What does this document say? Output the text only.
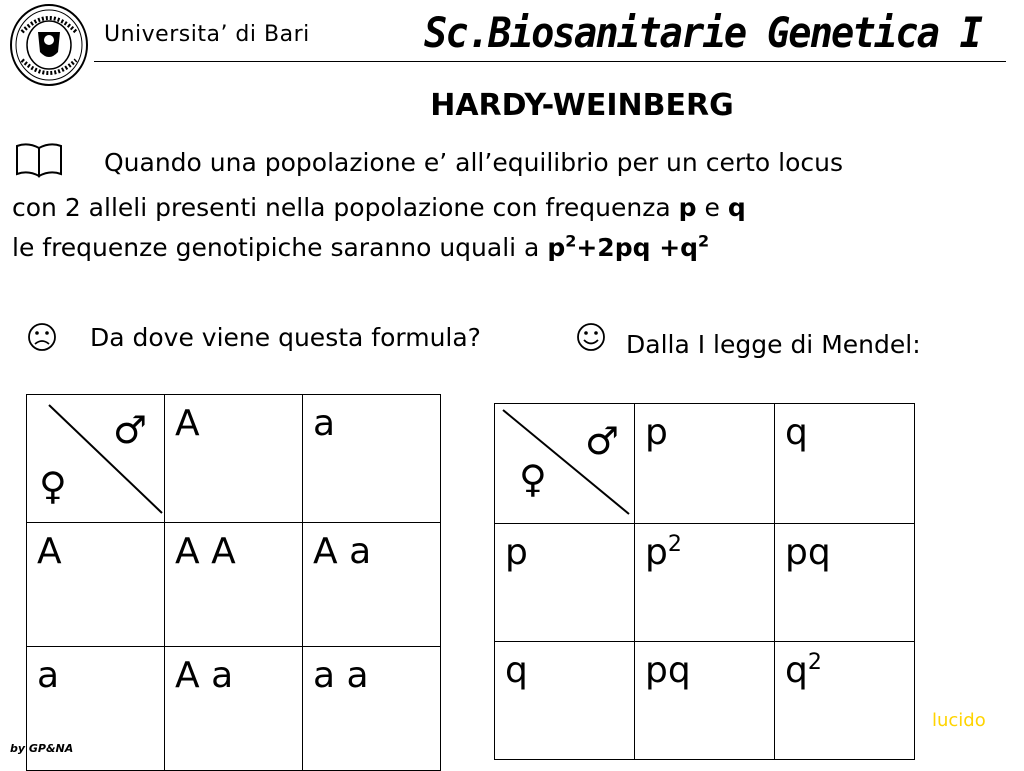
Universita’ di Bari	Sc.Biosanitarie Genetica I
HARDY-WEINBERG
Quando una popolazione e’ all’equilibrio per un certo locus
con 2 alleli presenti nella popolazione con frequenza p e q
le frequenze genotipiche saranno uquali a $p^2+2pq +q^2$
Da dove viene questa formula?	Dalla I legge di Mendel:
♂
♀	A	a
A	A A	A a
a	A a	a a
♂
♀	p	q
p	$p^2$	pq
q	pq	$q^2$
by GP&NA
lucido
